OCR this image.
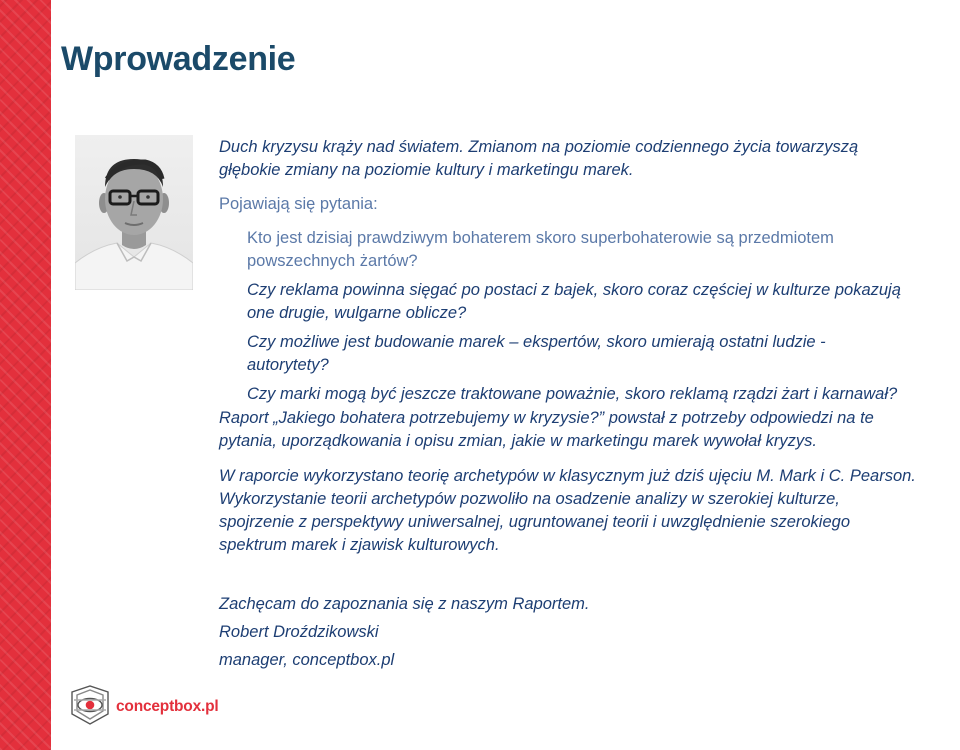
Wprowadzenie

Duch kryzysu krąży nad światem. Zmianom na poziomie codziennego życia towarzyszą
głębokie zmiany na poziomie kultury i marketingu marek.

Pojawiają się pytania:

Kto jest dzisiaj prawdziwym bohaterem skoro superbohaterowie są przedmiotem
powszechnych żartów?

Czy reklama powinna sięgać po postaci z bajek, skoro coraz częściej w kulturze pokazują
one drugie, wulgarne oblicze?

Czy możliwe jest budowanie marek – ekspertów, skoro umierają ostatni ludzie -
autorytety?

Czy marki mogą być jeszcze traktowane poważnie, skoro reklamą rządzi żart i karnawał?

Raport „Jakiego bohatera potrzebujemy w kryzysie?” powstał z potrzeby odpowiedzi na te
pytania, uporządkowania i opisu zmian, jakie w marketingu marek wywołał kryzys.

W raporcie wykorzystano teorię archetypów w klasycznym już dziś ujęciu M. Mark i C. Pearson.
Wykorzystanie teorii archetypów pozwoliło na osadzenie analizy w szerokiej kulturze,
spojrzenie z perspektywy uniwersalnej, ugruntowanej teorii i uwzględnienie szerokiego
spektrum marek i zjawisk kulturowych.

Zachęcam do zapoznania się z naszym Raportem.
Robert Droździkowski
manager, conceptbox.pl

conceptbox.pl
